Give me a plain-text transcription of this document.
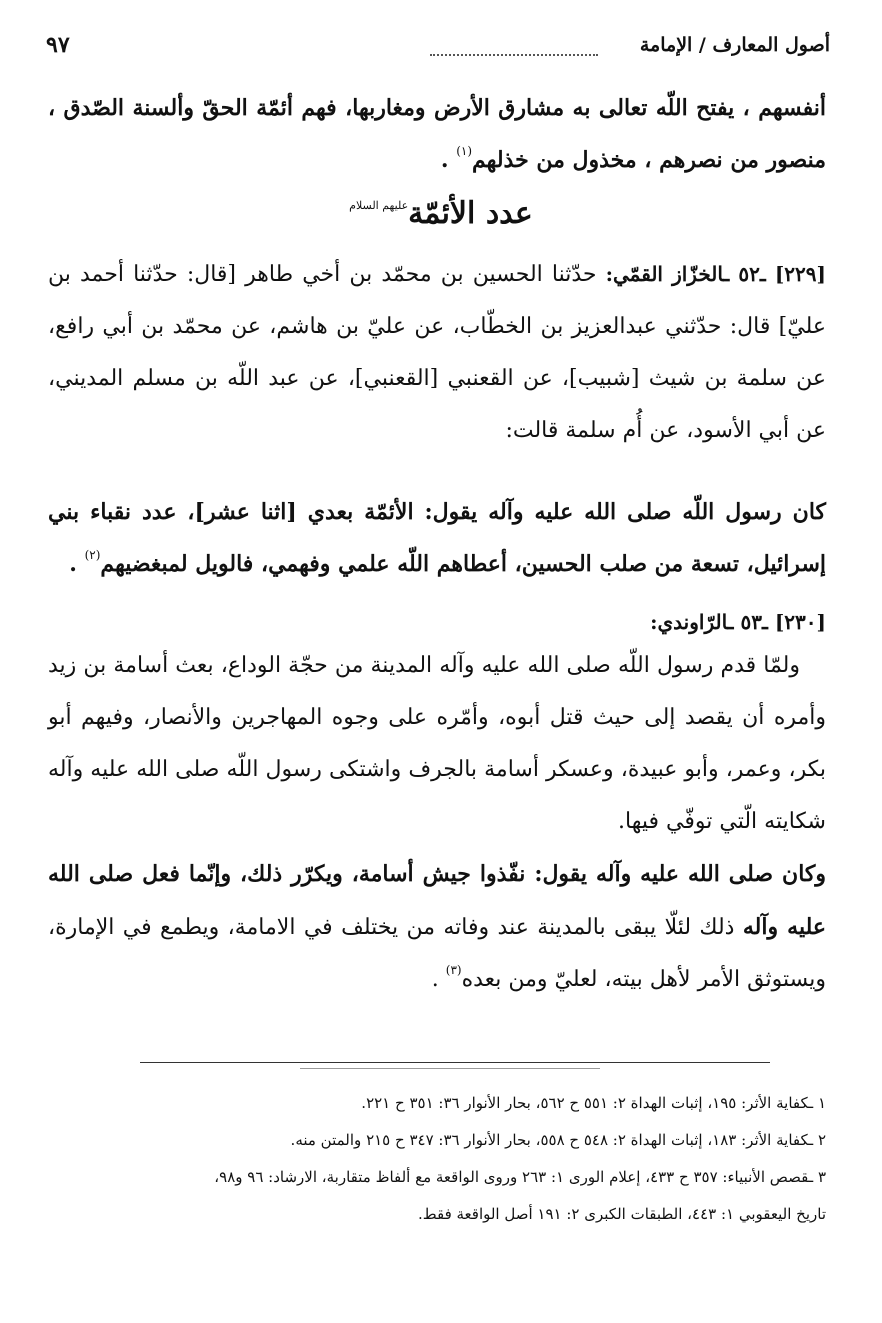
أصول المعارف / الإمامة
٩٧

أنفسهم ، يفتح اللّه تعالى به مشارق الأرض ومغاربها، فهم أئمّة الحقّ وألسنة الصّدق ، منصور من نصرهم ، مخذول من خذلهم$^{(١)}$ .

عدد الأئمّة$^{عليهم السلام}$

[٢٢٩] ـ٥٢ ـالخزّاز القمّي: حدّثنا الحسين بن محمّد بن أخي طاهر [قال: حدّثنا أحمد بن عليّ] قال: حدّثني عبدالعزيز بن الخطّاب، عن عليّ بن هاشم، عن محمّد بن أبي رافع، عن سلمة بن شيث [شبيب]، عن القعنبي [القعنبي]، عن عبد اللّه بن مسلم المديني، عن أبي الأسود، عن أُم سلمة قالت:

كان رسول اللّه صلى الله عليه وآله يقول: الأئمّة بعدي [اثنا عشر]، عدد نقباء بني إسرائيل، تسعة من صلب الحسين، أعطاهم اللّه علمي وفهمي، فالويل لمبغضيهم$^{(٢)}$ .

[٢٣٠] ـ٥٣ ـالرّاوندي:

ولمّا قدم رسول اللّه صلى الله عليه وآله المدينة من حجّة الوداع، بعث أسامة بن زيد وأمره أن يقصد إلى حيث قتل أبوه، وأمّره على وجوه المهاجرين والأنصار، وفيهم أبو بكر، وعمر، وأبو عبيدة، وعسكر أسامة بالجرف واشتكى رسول اللّه صلى الله عليه وآله شكايته الّتي توفّي فيها.

وكان صلى الله عليه وآله يقول: نفّذوا جيش أسامة، ويكرّر ذلك، وإنّما فعل صلى الله عليه وآله ذلك لئلّا يبقى بالمدينة عند وفاته من يختلف في الامامة، ويطمع في الإمارة، ويستوثق الأمر لأهل بيته، لعليّ ومن بعده$^{(٣)}$ .

١ ـكفاية الأثر: ١٩٥، إثبات الهداة ٢: ٥٥١ ح ٥٦٢، بحار الأنوار ٣٦: ٣٥١ ح ٢٢١.
٢ ـكفاية الأثر: ١٨٣، إثبات الهداة ٢: ٥٤٨ ح ٥٥٨، بحار الأنوار ٣٦: ٣٤٧ ح ٢١٥ والمتن منه.
٣ ـقصص الأنبياء: ٣٥٧ ح ٤٣٣، إعلام الورى ١: ٢٦٣ وروى الواقعة مع ألفاظ متقاربة، الارشاد: ٩٦ و٩٨،
تاريخ اليعقوبي ١: ٤٤٣، الطبقات الكبرى ٢: ١٩١ أصل الواقعة فقط.
